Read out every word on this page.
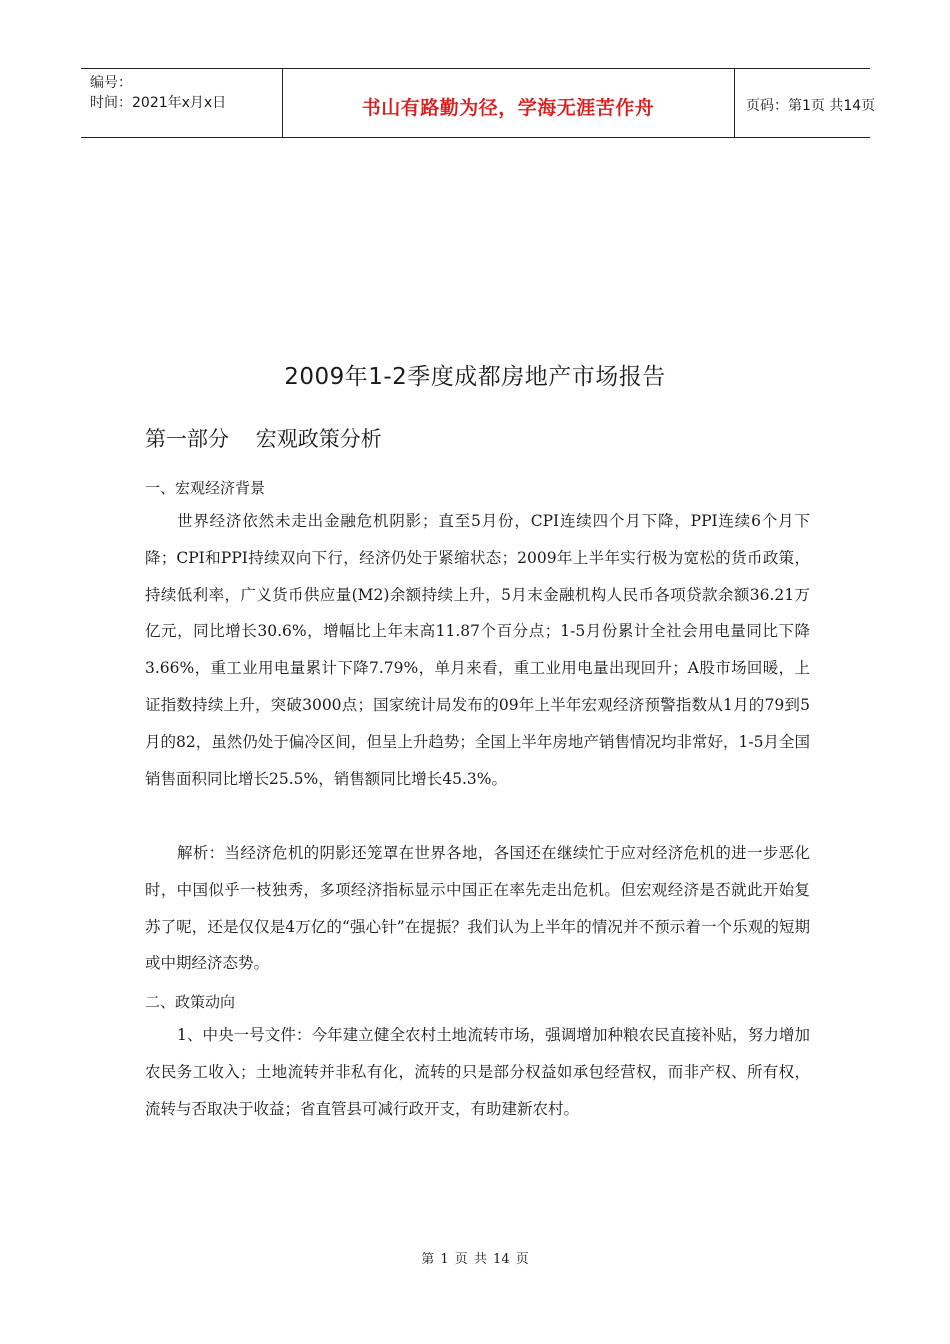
编号：
时间：2021年x月x日	书山有路勤为径，学海无涯苦作舟	页码：第1页 共14页
2009年1-2季度成都房地产市场报告
第一部分    宏观政策分析
一、宏观经济背景

世界经济依然未走出金融危机阴影；直至5月份，CPI连续四个月下降，PPI连续6个月下降；CPI和PPI持续双向下行，经济仍处于紧缩状态；2009年上半年实行极为宽松的货币政策，持续低利率，广义货币供应量(M2)余额持续上升，5月末金融机构人民币各项贷款余额36.21万亿元，同比增长30.6%，增幅比上年末高11.87个百分点；1-5月份累计全社会用电量同比下降3.66%，重工业用电量累计下降7.79%，单月来看，重工业用电量出现回升；A股市场回暖，上证指数持续上升，突破3000点；国家统计局发布的09年上半年宏观经济预警指数从1月的79到5月的82，虽然仍处于偏冷区间，但呈上升趋势；全国上半年房地产销售情况均非常好，1-5月全国销售面积同比增长25.5%，销售额同比增长45.3%。

解析：当经济危机的阴影还笼罩在世界各地，各国还在继续忙于应对经济危机的进一步恶化时，中国似乎一枝独秀，多项经济指标显示中国正在率先走出危机。但宏观经济是否就此开始复苏了呢，还是仅仅是4万亿的“强心针”在提振？我们认为上半年的情况并不预示着一个乐观的短期或中期经济态势。

二、政策动向

1、中央一号文件：今年建立健全农村土地流转市场，强调增加种粮农民直接补贴，努力增加农民务工收入；土地流转并非私有化，流转的只是部分权益如承包经营权，而非产权、所有权，流转与否取决于收益；省直管县可减行政开支，有助建新农村。

第 1 页 共 14 页
